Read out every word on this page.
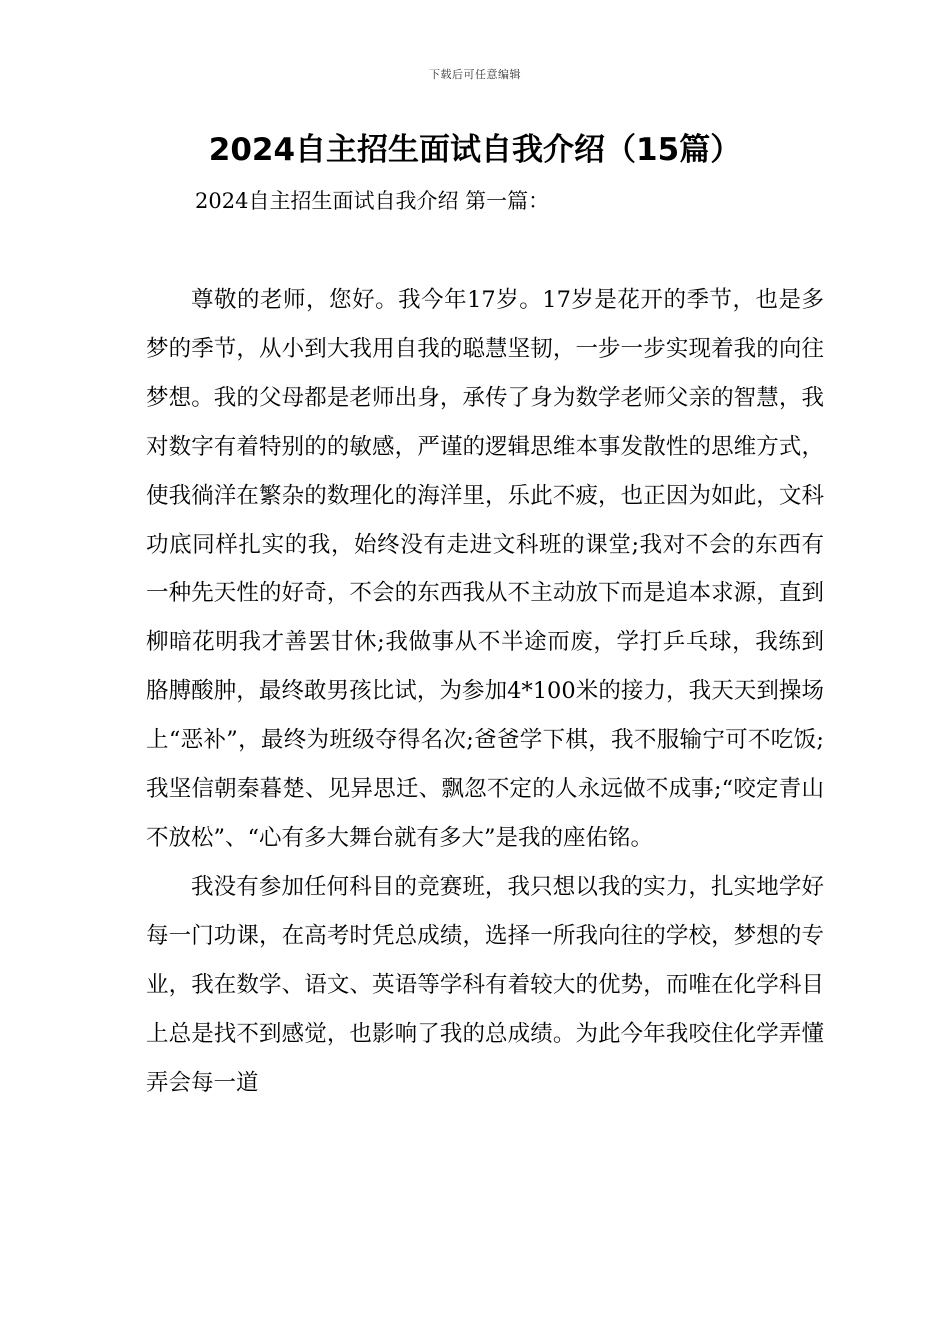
下载后可任意编辑
2024自主招生面试自我介绍（15篇）
2024自主招生面试自我介绍 第一篇：

尊敬的老师，您好。我今年17岁。17岁是花开的季节，也是多梦的季节，从小到大我用自我的聪慧坚韧，一步一步实现着我的向往梦想。我的父母都是老师出身，承传了身为数学老师父亲的智慧，我对数字有着特别的的敏感，严谨的逻辑思维本事发散性的思维方式，使我徜洋在繁杂的数理化的海洋里，乐此不疲，也正因为如此，文科功底同样扎实的我，始终没有走进文科班的课堂;我对不会的东西有一种先天性的好奇，不会的东西我从不主动放下而是追本求源，直到柳暗花明我才善罢甘休;我做事从不半途而废，学打乒乓球，我练到胳膊酸肿，最终敢男孩比试，为参加4*100米的接力，我天天到操场上“恶补”，最终为班级夺得名次;爸爸学下棋，我不服输宁可不吃饭;我坚信朝秦暮楚、见异思迁、飘忽不定的人永远做不成事;“咬定青山不放松”、“心有多大舞台就有多大”是我的座佑铭。

我没有参加任何科目的竞赛班，我只想以我的实力，扎实地学好每一门功课，在高考时凭总成绩，选择一所我向往的学校，梦想的专业，我在数学、语文、英语等学科有着较大的优势，而唯在化学科目上总是找不到感觉，也影响了我的总成绩。为此今年我咬住化学弄懂弄会每一道
